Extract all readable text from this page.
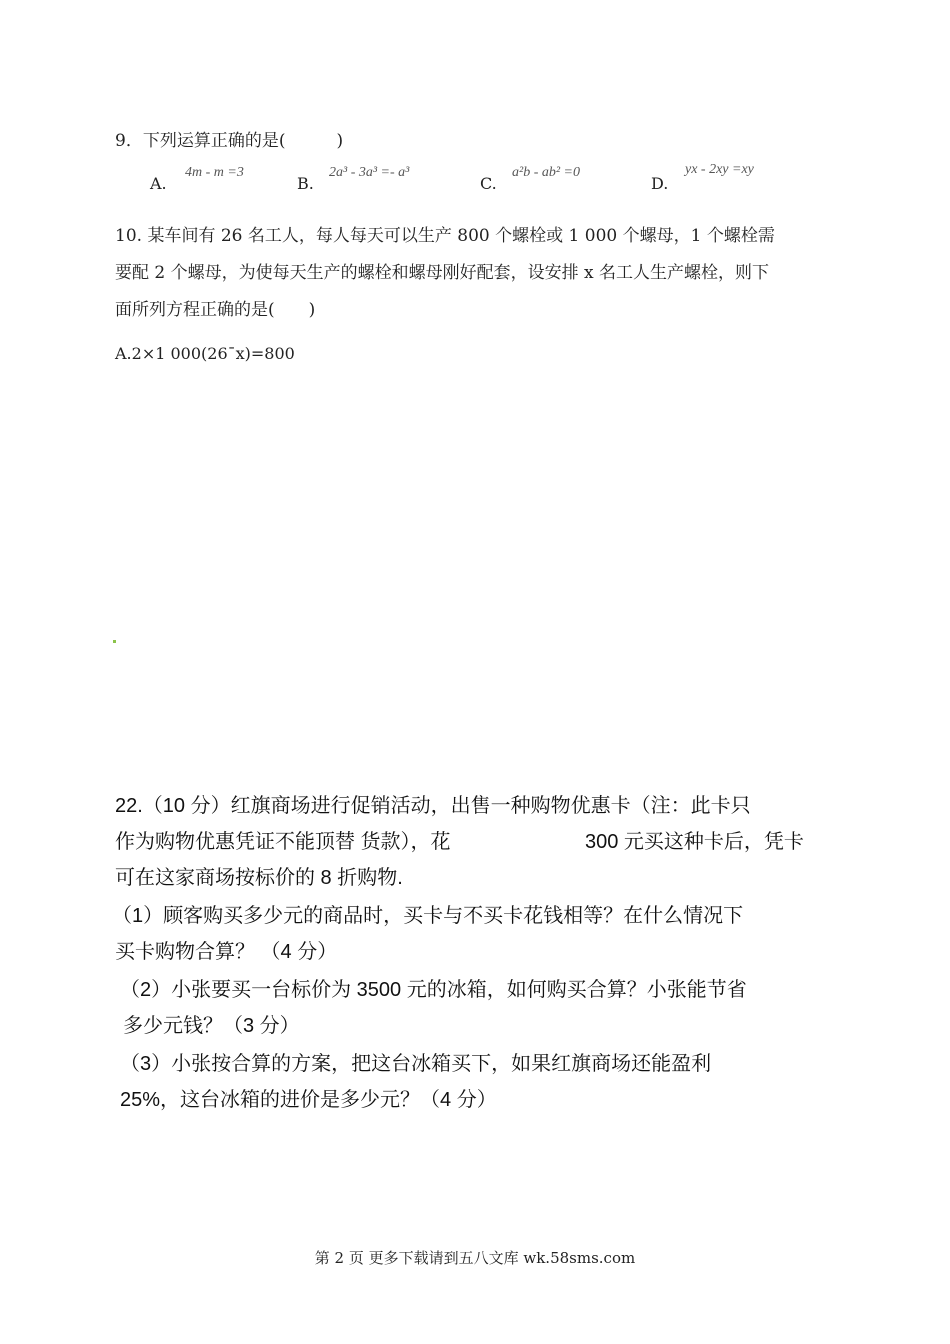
9．下列运算正确的是(　　　)
A.
4m - m =3
B.
2a³ - 3a³ =- a³
C.
a²b - ab² =0
D.
yx - 2xy =xy
10. 某车间有 26 名工人，每人每天可以生产 800 个螺栓或 1 000 个螺母，1 个螺栓需
要配 2 个螺母，为使每天生产的螺栓和螺母刚好配套，设安排 x 名工人生产螺栓，则下
面所列方程正确的是(　　)
A.2×1 000(26¯x)=800
22.（10 分）红旗商场进行促销活动，出售一种购物优惠卡（注：此卡只
作为购物优惠凭证不能顶替 货款），花	300 元买这种卡后，凭卡
可在这家商场按标价的 8 折购物.
（1）顾客购买多少元的商品时，买卡与不买卡花钱相等？在什么情况下
买卡购物合算？ （4 分）
（2）小张要买一台标价为 3500 元的冰箱，如何购买合算？小张能节省
多少元钱？（3 分）
（3）小张按合算的方案，把这台冰箱买下，如果红旗商场还能盈利
25%，这台冰箱的进价是多少元？（4 分）
第 2 页 更多下载请到五八文库 wk.58sms.com
